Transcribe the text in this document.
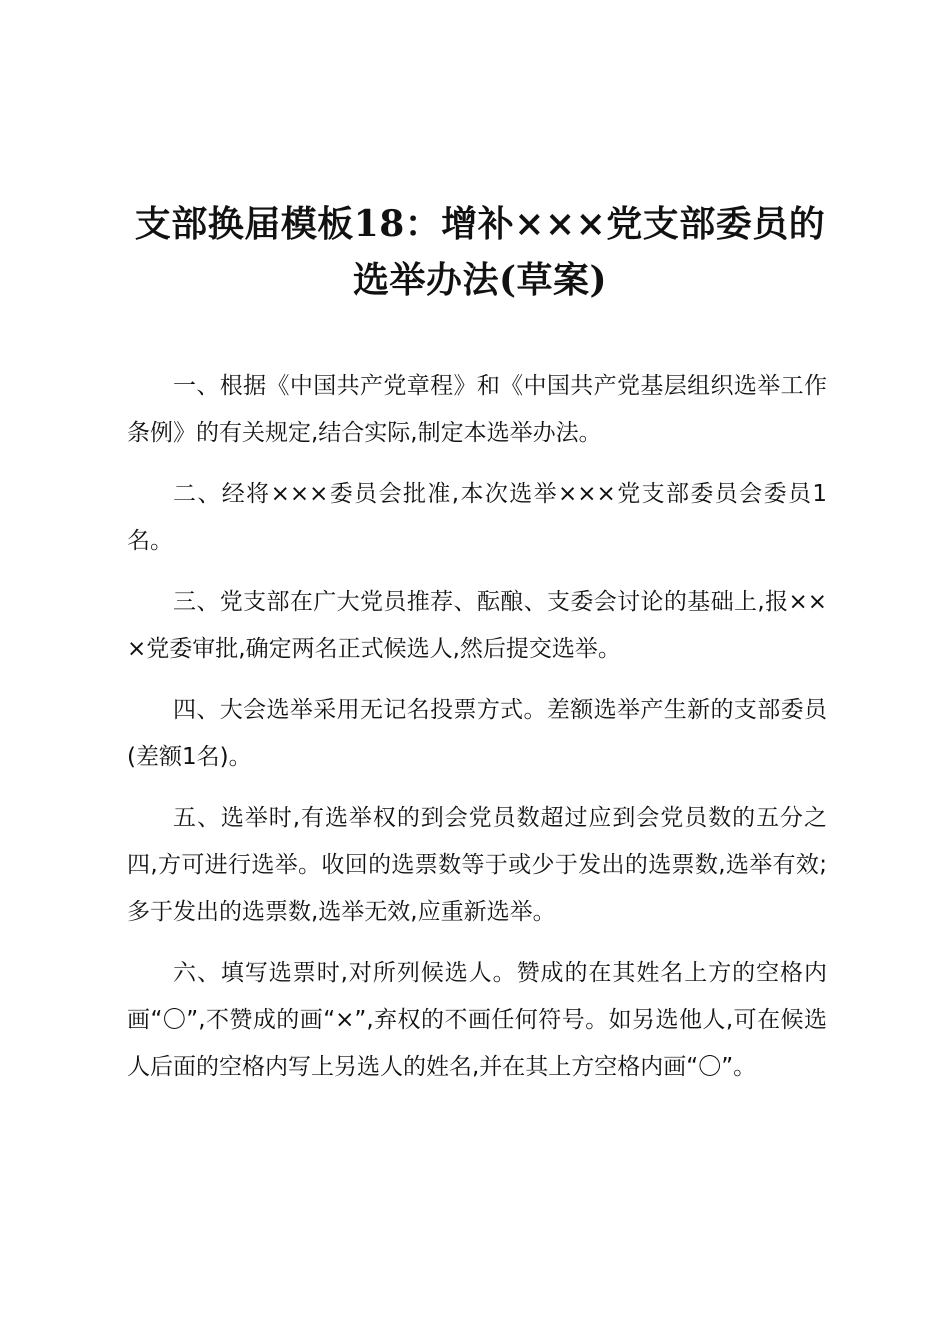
支部换届模板18：增补×××党支部委员的选举办法(草案)

一、根据《中国共产党章程》和《中国共产党基层组织选举工作条例》的有关规定,结合实际,制定本选举办法。

二、经将×××委员会批准,本次选举×××党支部委员会委员1名。

三、党支部在广大党员推荐、酝酿、支委会讨论的基础上,报×××党委审批,确定两名正式候选人,然后提交选举。

四、大会选举采用无记名投票方式。差额选举产生新的支部委员(差额1名)。

五、选举时,有选举权的到会党员数超过应到会党员数的五分之四,方可进行选举。收回的选票数等于或少于发出的选票数,选举有效;多于发出的选票数,选举无效,应重新选举。

六、填写选票时,对所列候选人。赞成的在其姓名上方的空格内画“〇”,不赞成的画“×”,弃权的不画任何符号。如另选他人,可在候选人后面的空格内写上另选人的姓名,并在其上方空格内画“〇”。
